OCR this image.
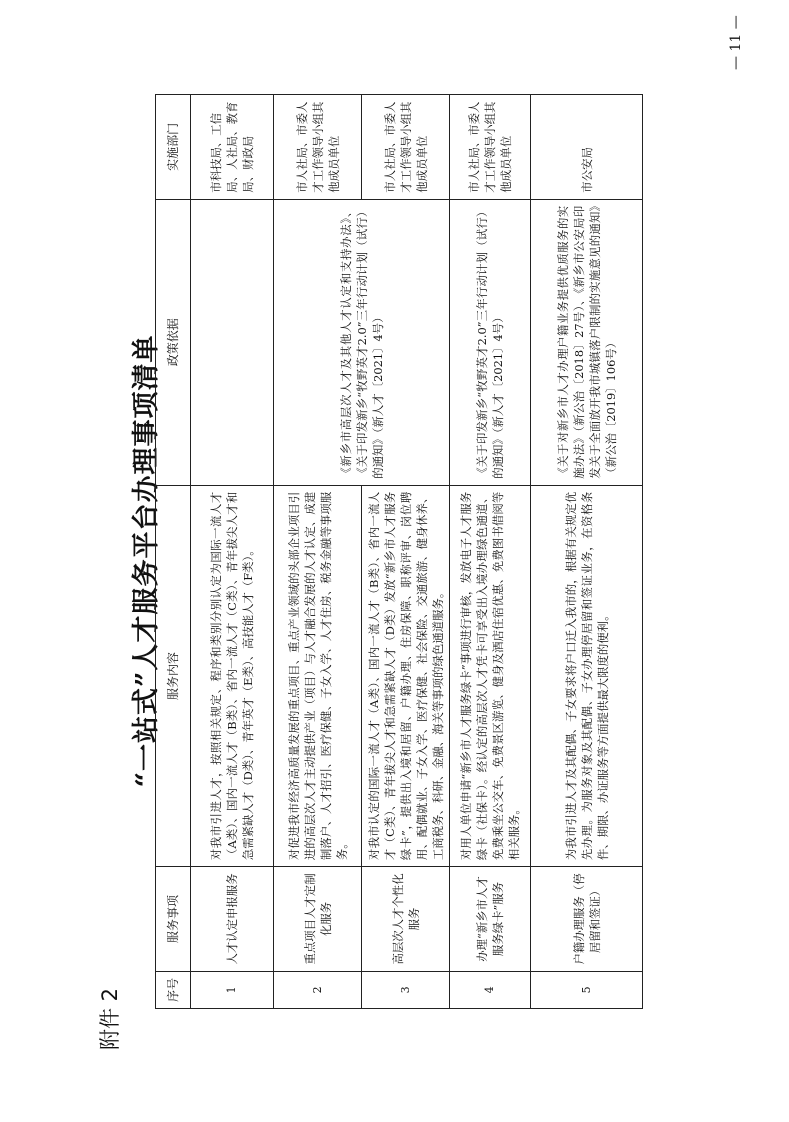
附件 2
“一站式”人才服务平台办理事项清单
序号	服务事项	服务内容	政策依据	实施部门
1	人才认定申报服务	对我市引进人才，按照相关规定、程序和类别分别认定为国际一流人才（A类）、国内一流人才（B类）、省内一流人才（C类）、青年拔尖人才和急需紧缺人才（D类）、青年英才（E类）、高技能人才（F类）。		市科技局、工信局、人社局、教育局、财政局
2	重点项目人才定制化服务	对促进我市经济高质量发展的重点项目、重点产业领域的头部企业项目引进的高层次人才主动提供产业（项目）与人才融合发展的人才认定、成建制落户、人才招引、医疗保健、子女入学、人才住房、税务金融等事项服务。	《新乡市高层次人才及其他人才认定和支持办法》、《关于印发新乡“牧野英才2.0”三年行动计划（试行）的通知》（新人才〔2021〕4号）	市人社局、市委人才工作领导小组其他成员单位
3	高层次人才个性化服务	对我市认定的国际一流人才（A类）、国内一流人才（B类）、省内一流人才（C类）、青年拔尖人才和急需紧缺人才（D类）发放“新乡市人才服务绿卡”，提供出入境和居留、户籍办理、住房保障、职称评审、岗位聘用、配偶就业、子女入学、医疗保健、社会保险、交通旅游、健身休养、工商税务、科研、金融、海关等事项的绿色通道服务。		市人社局、市委人才工作领导小组其他成员单位
4	办理“新乡市人才服务绿卡”服务	对用人单位申请“新乡市人才服务绿卡”事项进行审核，发放电子人才服务绿卡（社保卡）。经认定的高层次人才凭卡可享受出入境办理绿色通道、免费乘坐公交车、免费景区游览、健身及酒店住宿优惠、免费图书借阅等相关服务。	《关于印发新乡“牧野英才2.0”三年行动计划（试行）的通知》（新人才〔2021〕4号）	市人社局、市委人才工作领导小组其他成员单位
5	户籍办理服务（停居留和签证）	为我市引进人才及其配偶、子女要求将户口迁入我市的，根据有关规定优先办理。为服务对象及其配偶、子女办理停居留和签证业务，在资格条件、期限、办证服务等方面提供最大限度的便利。	《关于对新乡市人才办理户籍业务提供优质服务的实施办法》（新公治〔2018〕27号）、《新乡市公安局印发关于全面放开我市城镇落户限制的实施意见的通知》（新公治〔2019〕106号）	市公安局
— 11 —
